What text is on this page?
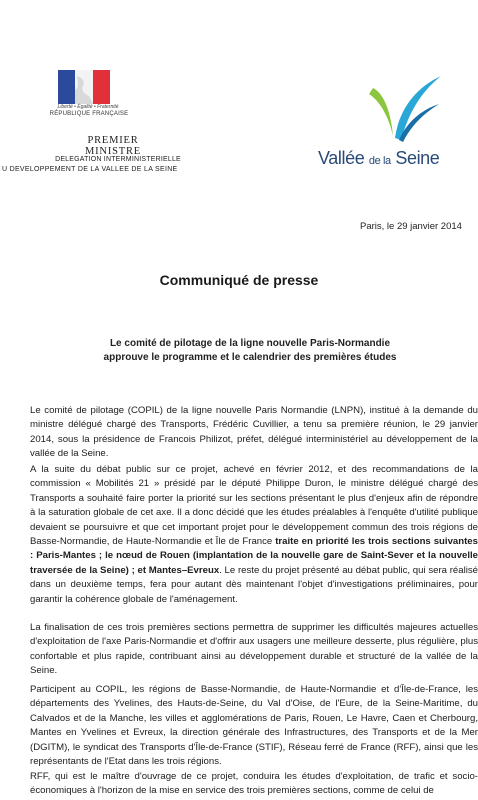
Liberté • Égalité • Fraternité
RÉPUBLIQUE FRANÇAISE
PREMIER MINISTRE
DELEGATION INTERMINISTERIELLE
U DEVELOPPEMENT DE LA VALLEE DE LA SEINE
Vallée de la Seine
Paris, le 29 janvier 2014
Communiqué de presse
Le comité de pilotage de la ligne nouvelle Paris-Normandie
approuve le programme et le calendrier des premières études
Le comité de pilotage (COPIL) de la ligne nouvelle Paris Normandie (LNPN), institué à la demande du ministre délégué chargé des Transports, Frédéric Cuvillier, a tenu sa première réunion, le 29 janvier 2014, sous la présidence de Francois Philizot, préfet, délégué interministériel au développement de la vallée de la Seine.
A la suite du débat public sur ce projet, achevé en février 2012, et des recommandations de la commission « Mobilités 21 » présidé par le député Philippe Duron, le ministre délégué chargé des Transports a souhaité faire porter la priorité sur les sections présentant le plus d'enjeux afin de répondre à la saturation globale de cet axe. Il a donc décidé que les études préalables à l'enquête d'utilité publique devaient se poursuivre et que cet important projet pour le développement commun des trois régions de Basse-Normandie, de Haute-Normandie et Île de France traite en priorité les trois sections suivantes : Paris-Mantes ; le nœud de Rouen (implantation de la nouvelle gare de Saint-Sever et la nouvelle traversée de la Seine) ; et Mantes–Evreux. Le reste du projet présenté au débat public, qui sera réalisé dans un deuxième temps, fera pour autant dès maintenant l'objet d'investigations préliminaires, pour garantir la cohérence globale de l'aménagement.
La finalisation de ces trois premières sections permettra de supprimer les difficultés majeures actuelles d'exploitation de l'axe Paris-Normandie et d'offrir aux usagers une meilleure desserte, plus régulière, plus confortable et plus rapide, contribuant ainsi au développement durable et structuré de la vallée de la Seine.
Participent au COPIL, les régions de Basse-Normandie, de Haute-Normandie et d'Île-de-France, les départements des Yvelines, des Hauts-de-Seine, du Val d'Oise, de l'Eure, de la Seine-Maritime, du Calvados et de la Manche, les villes et agglomérations de Paris, Rouen, Le Havre, Caen et Cherbourg, Mantes en Yvelines et Evreux, la direction générale des Infrastructures, des Transports et de la Mer (DGITM), le syndicat des Transports d'Île-de-France (STIF), Réseau ferré de France (RFF), ainsi que les représentants de l'Etat dans les trois régions.
RFF, qui est le maître d'ouvrage de ce projet, conduira les études d'exploitation, de trafic et socio-économiques à l'horizon de la mise en service des trois premières sections, comme de celui de
